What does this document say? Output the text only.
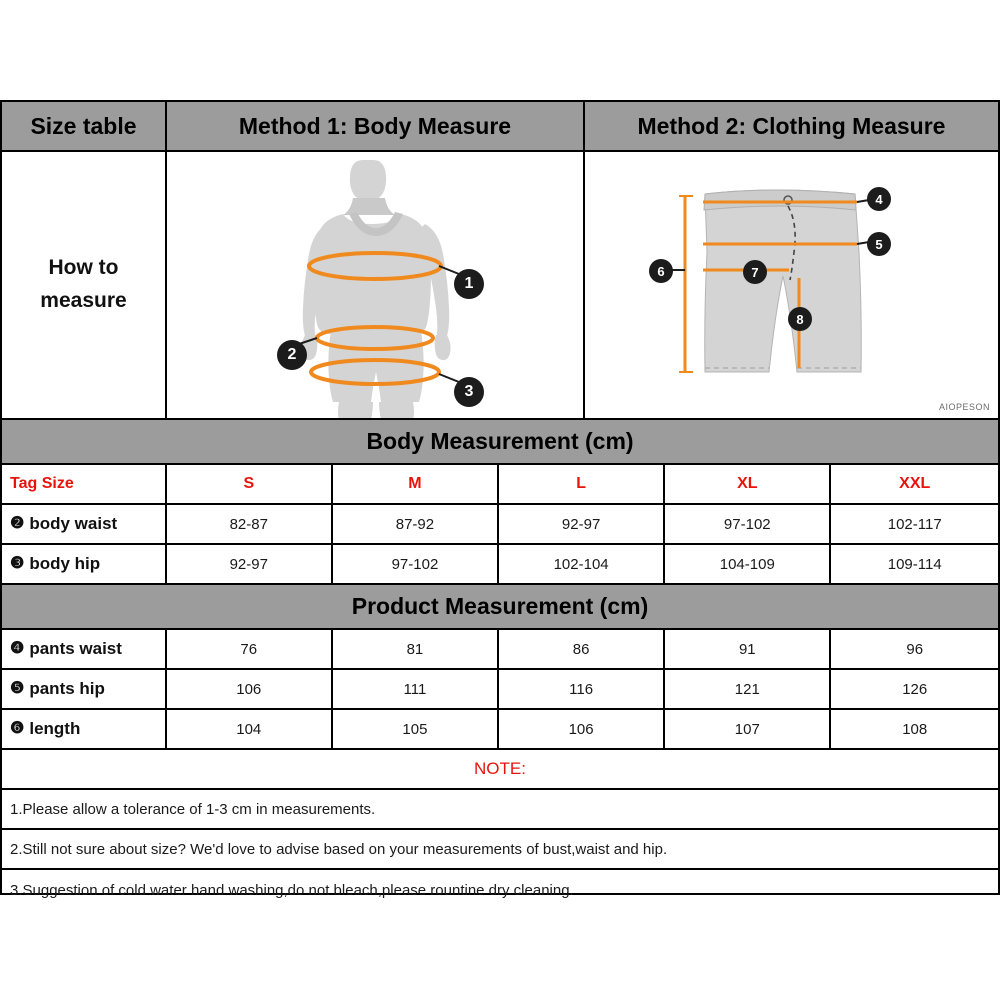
Size table	Method 1: Body Measure	Method 2: Clothing Measure
How to
measure
1
2
3
4
5
6	7
8
AIOPESON
Body Measurement (cm)
Tag Size	S	M	L	XL	XXL
❷ body waist	82-87	87-92	92-97	97-102	102-117
❸ body hip	92-97	97-102	102-104	104-109	109-114
Product Measurement (cm)
❹ pants waist	76	81	86	91	96
❺ pants hip	106	111	116	121	126
❻ length	104	105	106	107	108
NOTE:
1.Please allow a tolerance of 1-3 cm in measurements.
2.Still not sure about size? We'd love to advise based on your measurements of bust,waist and hip.
3.Suggestion of cold water hand washing,do not bleach,please rountine dry cleaning.
